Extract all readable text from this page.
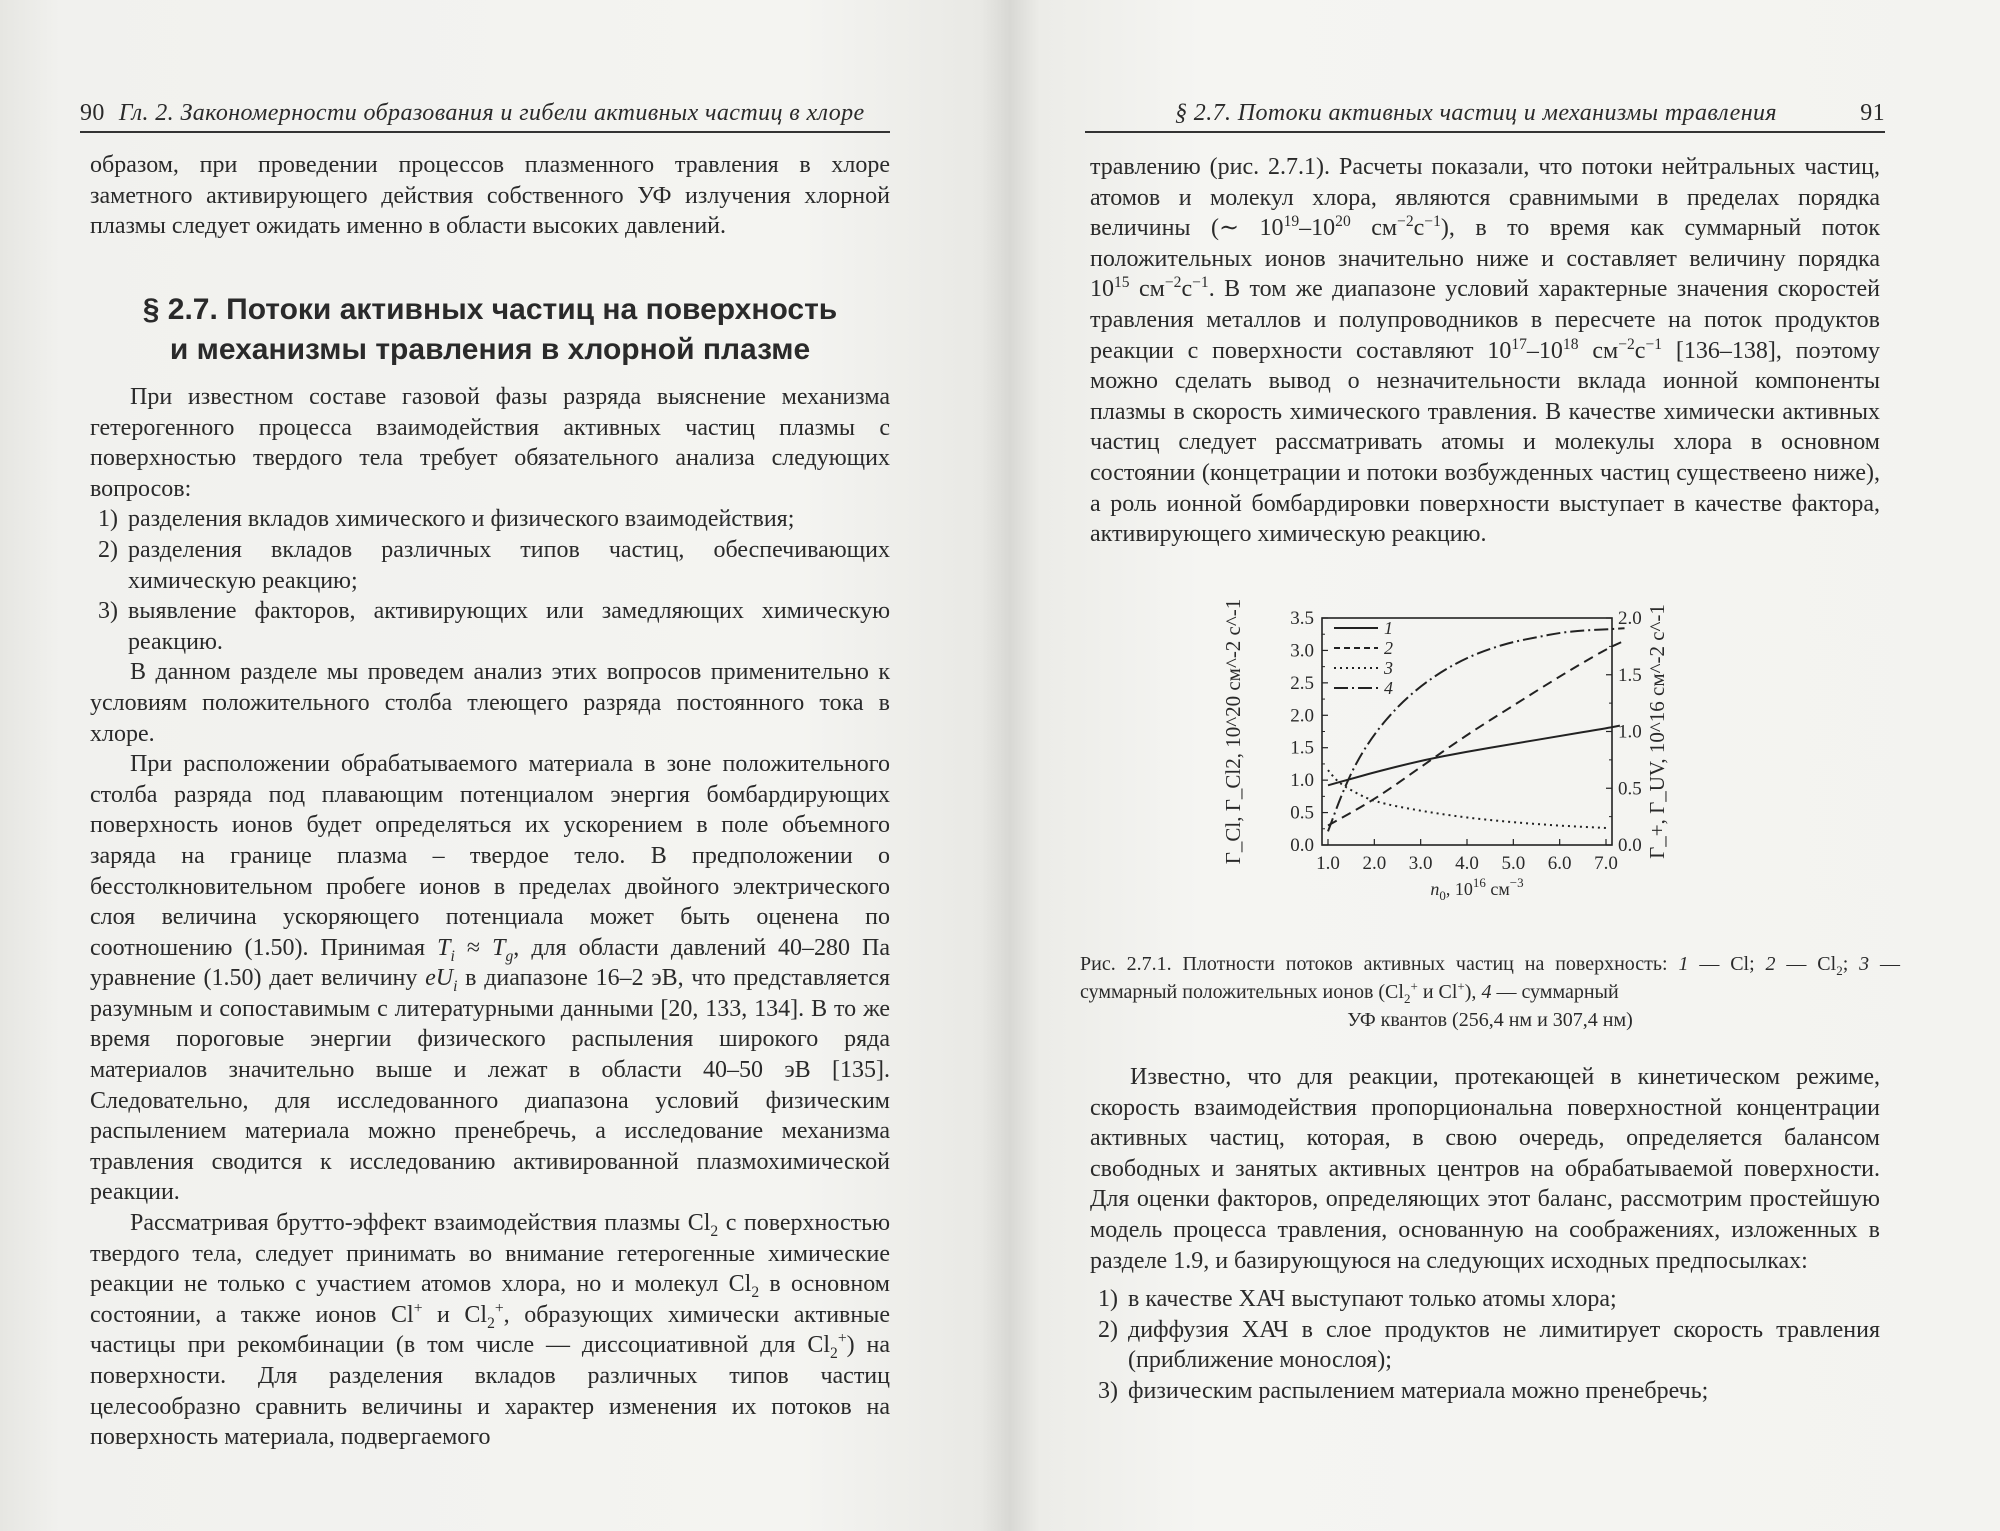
90 Гл. 2. Закономерности образования и гибели активных частиц в хлоре

образом, при проведении процессов плазменного травления в хлоре заметного активирующего действия собственного УФ излучения хлорной плазмы следует ожидать именно в области высоких давлений.

§ 2.7. Потоки активных частиц на поверхность
и механизмы травления в хлорной плазме

При известном составе газовой фазы разряда выяснение механизма гетерогенного процесса взаимодействия активных частиц плазмы с поверхностью твердого тела требует обязательного анализа следующих вопросов:

1) разделения вкладов химического и физического взаимодействия;
2) разделения вкладов различных типов частиц, обеспечивающих химическую реакцию;
3) выявление факторов, активирующих или замедляющих химическую реакцию.

В данном разделе мы проведем анализ этих вопросов применительно к условиям положительного столба тлеющего разряда постоянного тока в хлоре.

При расположении обрабатываемого материала в зоне положительного столба разряда под плавающим потенциалом энергия бомбардирующих поверхность ионов будет определяться их ускорением в поле объемного заряда на границе плазма – твердое тело. В предположении о бесстолкновительном пробеге ионов в пределах двойного электрического слоя величина ускоряющего потенциала может быть оценена по соотношению (1.50). Принимая $T_i \approx T_g$, для области давлений 40–280 Па уравнение (1.50) дает величину $eU_i$ в диапазоне 16–2 эВ, что представляется разумным и сопоставимым с литературными данными [20, 133, 134]. В то же время пороговые энергии физического распыления широкого ряда материалов значительно выше и лежат в области 40–50 эВ [135]. Следовательно, для исследованного диапазона условий физическим распылением материала можно пренебречь, а исследование механизма травления сводится к исследованию активированной плазмохимической реакции.

Рассматривая брутто-эффект взаимодействия плазмы $Cl_2$ с поверхностью твердого тела, следует принимать во внимание гетерогенные химические реакции не только с участием атомов хлора, но и молекул $Cl_2$ в основном состоянии, а также ионов Cl+ и $Cl_2^+$, образующих химически активные частицы при рекомбинации (в том числе — диссоциативной для $Cl_2^+$) на поверхности. Для разделения вкладов различных типов частиц целесообразно сравнить величины и характер изменения их потоков на поверхность материала, подвергаемого

§ 2.7. Потоки активных частиц и механизмы травления	91

травлению (рис. 2.7.1). Расчеты показали, что потоки нейтральных частиц, атомов и молекул хлора, являются сравнимыми в пределах порядка величины (∼ $10^{19}-10^{20}$ $см^{-2}с^{-1}$), в то время как суммарный поток положительных ионов значительно ниже и составляет величину порядка $10^{15}$ $см^{-2}с^{-1}$. В том же диапазоне условий характерные значения скоростей травления металлов и полупроводников в пересчете на поток продуктов реакции с поверхности составляют $10^{17}-10^{18}$ $см^{-2}с^{-1}$ [136–138], поэтому можно сделать вывод о незначительности вклада ионной компоненты плазмы в скорость химического травления. В качестве химически активных частиц следует рассматривать атомы и молекулы хлора в основном состоянии (концетрации и потоки возбужденных частиц существеено ниже), а роль ионной бомбардировки поверхности выступает в качестве фактора, активирующего химическую реакцию.

Известно, что для реакции, протекающей в кинетическом режиме, скорость взаимодействия пропорциональна поверхностной концентрации активных частиц, которая, в свою очередь, определяется балансом свободных и занятых активных центров на обрабатываемой поверхности. Для оценки факторов, определяющих этот баланс, рассмотрим простейшую модель процесса травления, основанную на соображениях, изложенных в разделе 1.9, и базирующуюся на следующих исходных предпосылках:

1) в качестве ХАЧ выступают только атомы хлора;
2) диффузия ХАЧ в слое продуктов не лимитирует скорость травления (приближение монослоя);
3) физическим распылением материала можно пренебречь;
0.0
0.5
1.0
1.5
2.0
2.5
3.0
3.5
0.0
0.5
1.0
1.5
2.0
1.0 2.0 3.0 4.0 5.0 6.0 7.0
1
2
3
4
$n_0$, $10^{16}$ $см^{-3}$
Γ_Cl, Γ_Cl2, 10^20 см^-2 с^-1	Γ_+, Γ_UV, 10^16 см^-2 с^-1
Рис. 2.7.1. Плотности потоков активных частиц на поверхность: 1 — Cl; 2 — $Cl_2$; 3 — суммарный положительных ионов ($Cl_2^+$ и Cl+), 4 — суммарный
УФ квантов (256,4 нм и 307,4 нм)
